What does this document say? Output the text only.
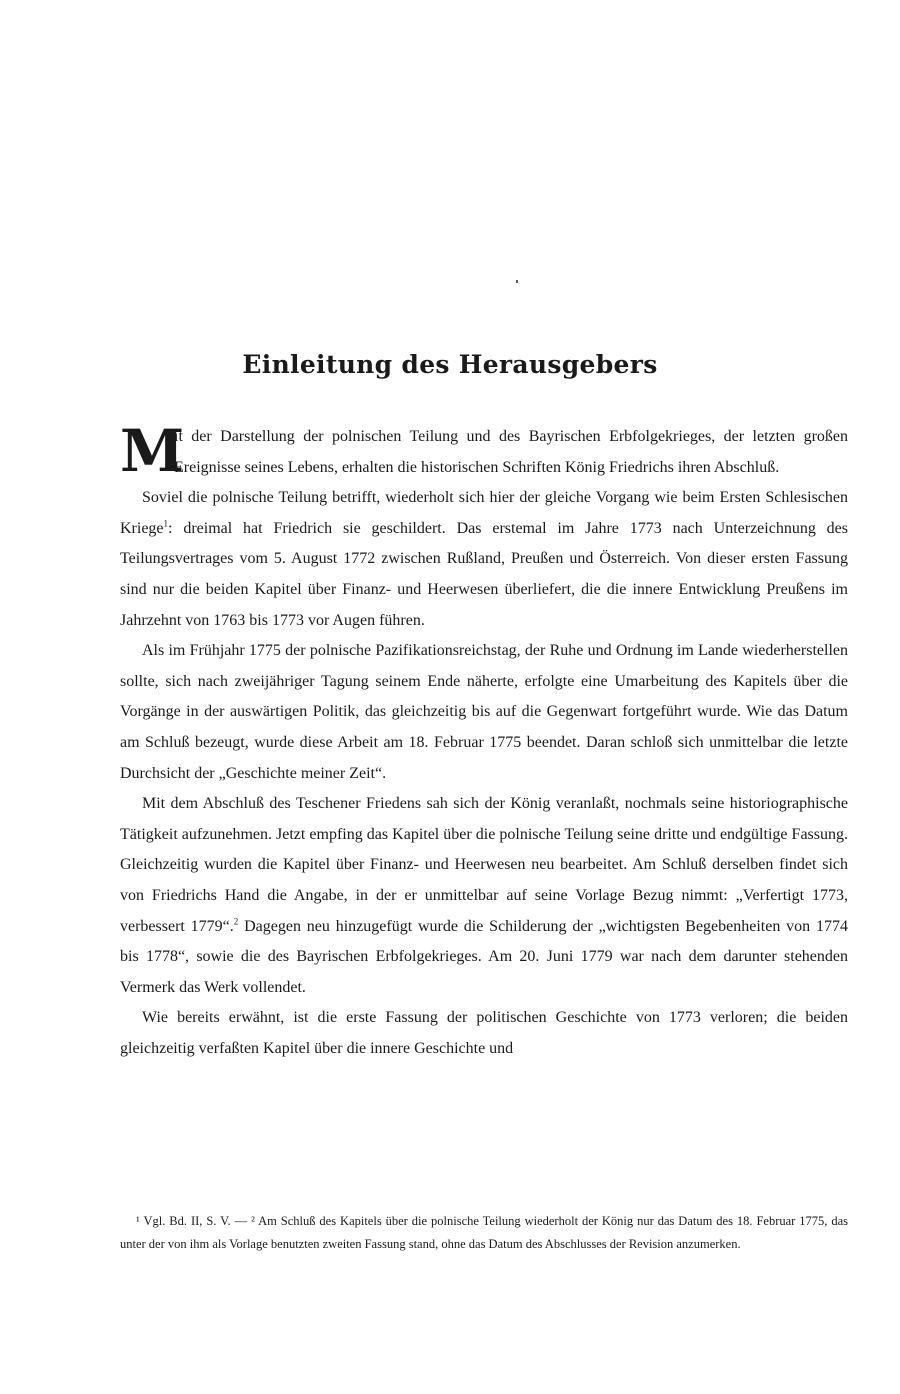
Einleitung des Herausgebers

M
it der Darstellung der polnischen Teilung und des Bayrischen Erbfolgekrieges, der letzten großen Ereignisse seines Lebens, erhalten die historischen Schriften König Friedrichs ihren Abschluß.

Soviel die polnische Teilung betrifft, wiederholt sich hier der gleiche Vorgang wie beim Ersten Schlesischen Kriege$^1$: dreimal hat Friedrich sie geschildert. Das erstemal im Jahre 1773 nach Unterzeichnung des Teilungsvertrages vom 5. August 1772 zwischen Rußland, Preußen und Österreich. Von dieser ersten Fassung sind nur die beiden Kapitel über Finanz- und Heerwesen überliefert, die die innere Entwicklung Preußens im Jahrzehnt von 1763 bis 1773 vor Augen führen.

Als im Frühjahr 1775 der polnische Pazifikationsreichstag, der Ruhe und Ordnung im Lande wiederherstellen sollte, sich nach zweijähriger Tagung seinem Ende näherte, erfolgte eine Umarbeitung des Kapitels über die Vorgänge in der auswärtigen Politik, das gleichzeitig bis auf die Gegenwart fortgeführt wurde. Wie das Datum am Schluß bezeugt, wurde diese Arbeit am 18. Februar 1775 beendet. Daran schloß sich unmittelbar die letzte Durchsicht der „Geschichte meiner Zeit“.

Mit dem Abschluß des Teschener Friedens sah sich der König veranlaßt, nochmals seine historiographische Tätigkeit aufzunehmen. Jetzt empfing das Kapitel über die polnische Teilung seine dritte und endgültige Fassung. Gleichzeitig wurden die Kapitel über Finanz- und Heerwesen neu bearbeitet. Am Schluß derselben findet sich von Friedrichs Hand die Angabe, in der er unmittelbar auf seine Vorlage Bezug nimmt: „Verfertigt 1773, verbessert 1779“.$^2$ Dagegen neu hinzugefügt wurde die Schilderung der „wichtigsten Begebenheiten von 1774 bis 1778“, sowie die des Bayrischen Erbfolgekrieges. Am 20. Juni 1779 war nach dem darunter stehenden Vermerk das Werk vollendet.

Wie bereits erwähnt, ist die erste Fassung der politischen Geschichte von 1773 verloren; die beiden gleichzeitig verfaßten Kapitel über die innere Geschichte und

¹ Vgl. Bd. II, S. V. — ² Am Schluß des Kapitels über die polnische Teilung wiederholt der König nur das Datum des 18. Februar 1775, das unter der von ihm als Vorlage benutzten zweiten Fassung stand, ohne das Datum des Abschlusses der Revision anzumerken.
